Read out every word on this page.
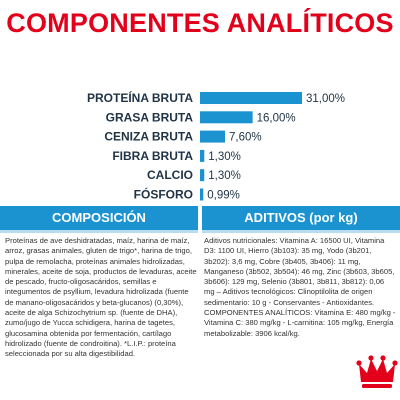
COMPONENTES ANALÍTICOS
PROTEÍNA BRUTA	31,00%
GRASA BRUTA	16,00%
CENIZA BRUTA	7,60%
FIBRA BRUTA 1,30%
CALCIO 1,30%
FÓSFORO 0,99%
COMPOSICIÓN	ADITIVOS (por kg)

Proteínas de ave deshidratadas, maíz, harina de maíz, arroz, grasas animales, gluten de trigo*, harina de trigo, pulpa de remolacha, proteínas animales hidrolizadas, minerales, aceite de soja, productos de levaduras, aceite de pescado, fructo-oligosacáridos, semillas e integumentos de psyllium, levadura hidrolizada (fuente de manano-oligosacáridos y beta-glucanos) (0,30%), aceite de alga Schizochytrium sp. (fuente de DHA), zumo/jugo de Yucca schidigera, harina de tagetes, glucosamina obtenida por fermentación, cartílago hidrolizado (fuente de condroitina). *L.I.P.: proteína seleccionada por su alta digestibilidad.

Aditivos nutricionales: Vitamina A: 16500 UI, Vitamina D3: 1100 UI, Hierro (3b103): 35 mg, Yodo (3b201, 3b202): 3,6 mg, Cobre (3b405, 3b406): 11 mg, Manganeso (3b502, 3b504): 46 mg, Zinc (3b603, 3b605, 3b606): 129 mg, Selenio (3b801, 3b811, 3b812): 0,06 mg – Aditivos tecnológicos: Clinoptilolita de origen sedimentario: 10 g - Conservantes - Antioxidantes.

COMPONENTES ANALÍTICOS: Vitamina E: 480 mg/kg - Vitamina C: 380 mg/kg - L-carnitina: 105 mg/kg, Energía metabolizable: 3906 kcal/kg.
